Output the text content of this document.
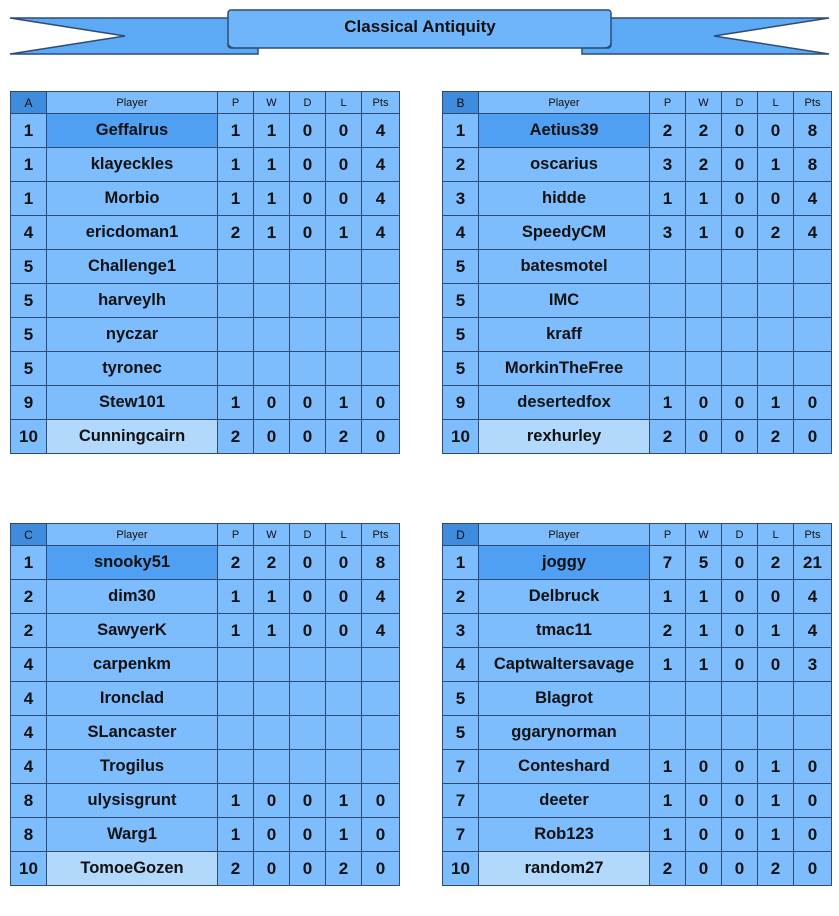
Classical Antiquity
A	Player	P	W	D	L	Pts
1	Geffalrus	1	1	0	0	4
1	klayeckles	1	1	0	0	4
1	Morbio	1	1	0	0	4
4	ericdoman1	2	1	0	1	4
5	Challenge1					
5	harveylh					
5	nyczar					
5	tyronec					
9	Stew101	1	0	0	1	0
10	Cunningcairn	2	0	0	2	0
B	Player	P	W	D	L	Pts
1	Aetius39	2	2	0	0	8
2	oscarius	3	2	0	1	8
3	hidde	1	1	0	0	4
4	SpeedyCM	3	1	0	2	4
5	batesmotel					
5	IMC					
5	kraff					
5	MorkinTheFree					
9	desertedfox	1	0	0	1	0
10	rexhurley	2	0	0	2	0
C	Player	P	W	D	L	Pts
1	snooky51	2	2	0	0	8
2	dim30	1	1	0	0	4
2	SawyerK	1	1	0	0	4
4	carpenkm					
4	Ironclad					
4	SLancaster					
4	Trogilus					
8	ulysisgrunt	1	0	0	1	0
8	Warg1	1	0	0	1	0
10	TomoeGozen	2	0	0	2	0
D	Player	P	W	D	L	Pts
1	joggy	7	5	0	2	21
2	Delbruck	1	1	0	0	4
3	tmac11	2	1	0	1	4
4	Captwaltersavage	1	1	0	0	3
5	Blagrot					
5	ggarynorman					
7	Conteshard	1	0	0	1	0
7	deeter	1	0	0	1	0
7	Rob123	1	0	0	1	0
10	random27	2	0	0	2	0
